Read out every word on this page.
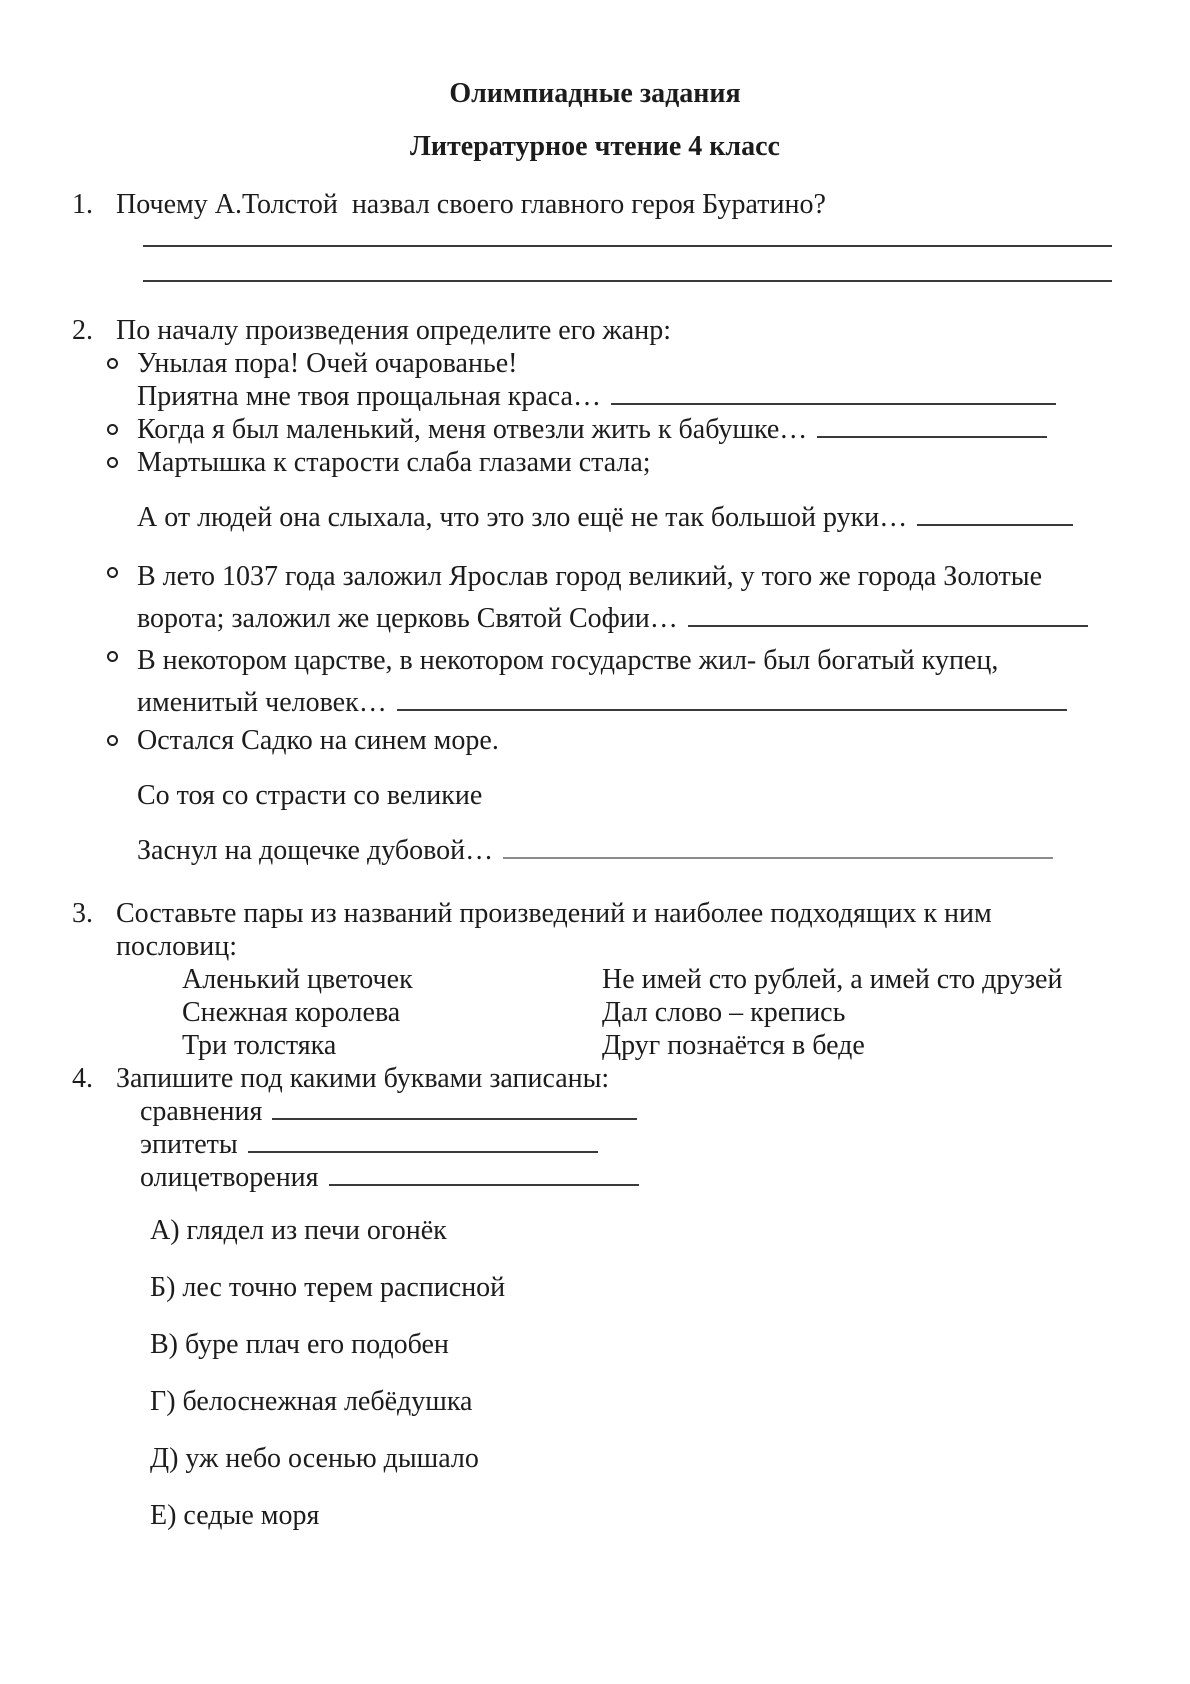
Олимпиадные задания
Литературное чтение 4 класс
1. Почему А.Толстой  назвал своего главного героя Буратино?
2. По началу произведения определите его жанр:
Унылая пора! Очей очарованье!
Приятна мне твоя прощальная краса…
Когда я был маленький, меня отвезли жить к бабушке…
Мартышка к старости слаба глазами стала;
А от людей она слыхала, что это зло ещё не так большой руки…
В лето 1037 года заложил Ярослав город великий, у того же города Золотые
ворота; заложил же церковь Святой Софии…
В некотором царстве, в некотором государстве жил- был богатый купец,
именитый человек…
Остался Садко на синем море.
Со тоя со страсти со великие
Заснул на дощечке дубовой…
3. Составьте пары из названий произведений и наиболее подходящих к ним пословиц:
Аленький цветочек	Не имей сто рублей, а имей сто друзей
Снежная королева	Дал слово – крепись
Три толстяка	Друг познаётся в беде
4. Запишите под какими буквами записаны:
сравнения
эпитеты
олицетворения
А) глядел из печи огонёк
Б) лес точно терем расписной
В) буре плач его подобен
Г) белоснежная лебёдушка
Д) уж небо осенью дышало
Е) седые моря
